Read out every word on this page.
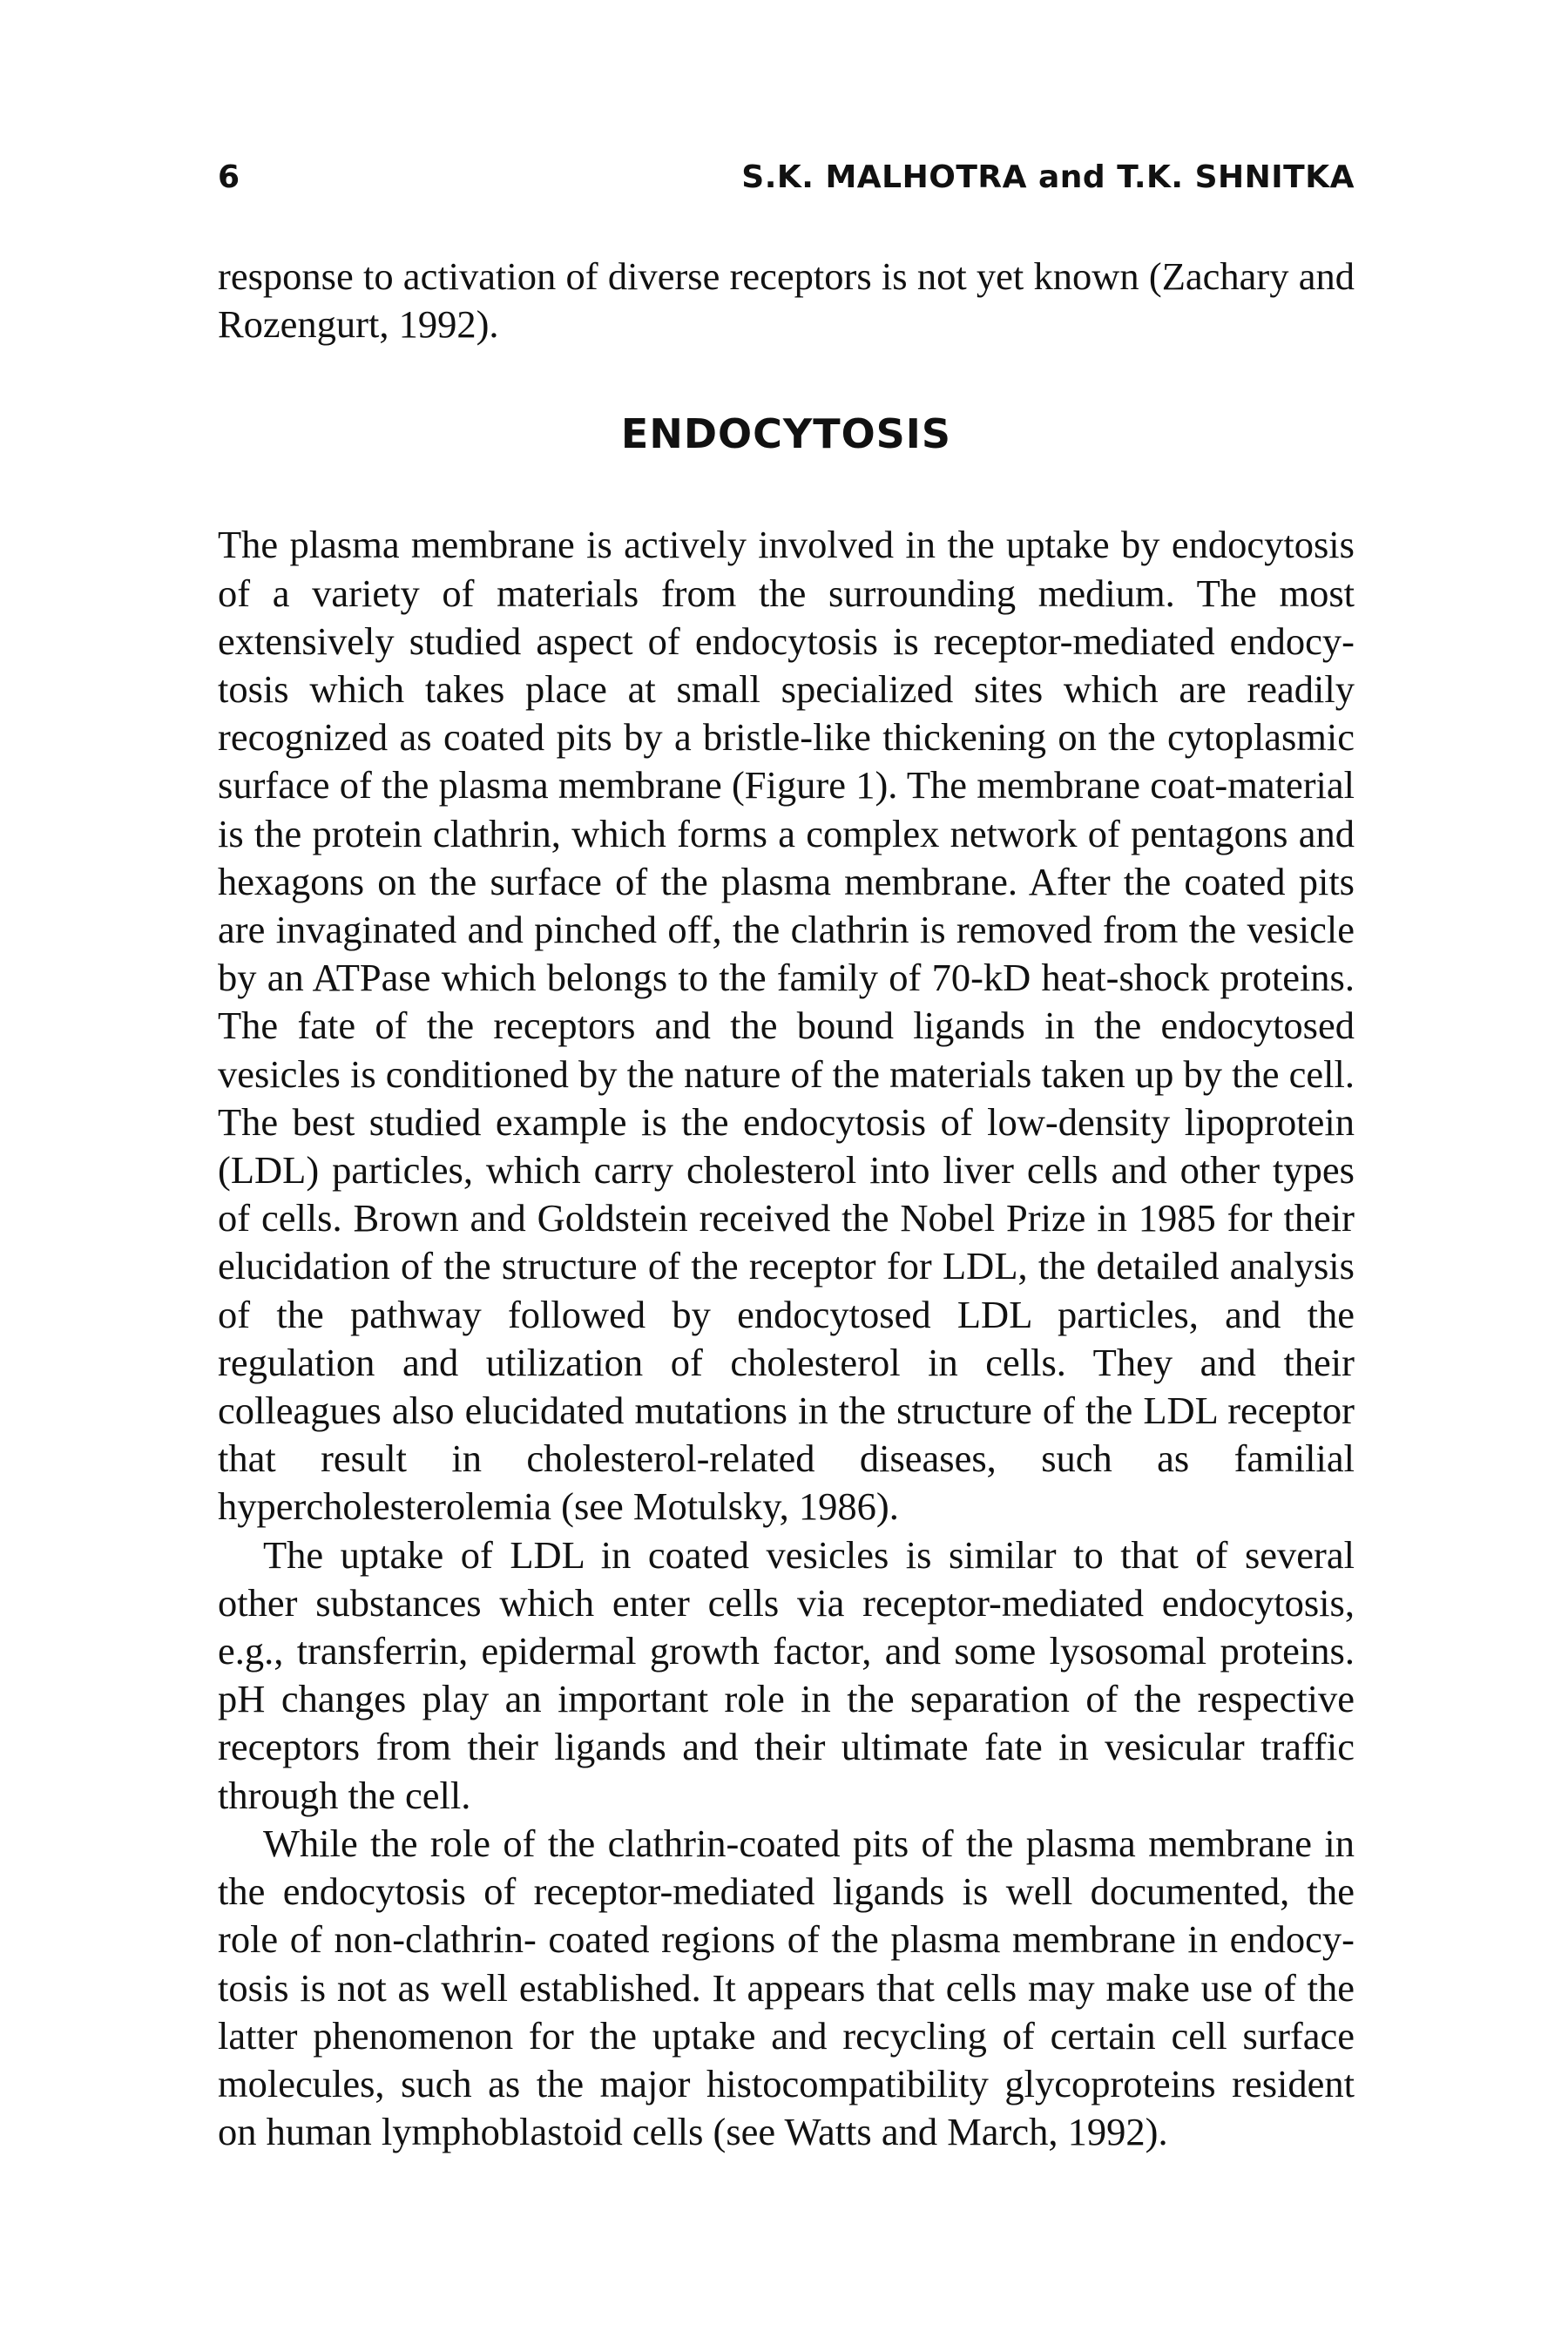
6	S.K. MALHOTRA and T.K. SHNITKA

response to activation of diverse receptors is not yet known (Zachary and Rozengurt, 1992).

ENDOCYTOSIS

The plasma membrane is actively involved in the uptake by endocytosis of a variety of materials from the surrounding medium. The most extensively studied aspect of endocytosis is receptor-mediated endocytosis which takes place at small specialized sites which are readily recognized as coated pits by a bristle-like thickening on the cytoplasmic surface of the plasma membrane (Figure 1). The membrane coat-material is the protein clathrin, which forms a complex network of pentagons and hexagons on the surface of the plasma membrane. After the coated pits are invaginated and pinched off, the clathrin is removed from the vesicle by an ATPase which belongs to the family of 70-kD heat-shock proteins. The fate of the receptors and the bound ligands in the endocytosed vesicles is conditioned by the nature of the materials taken up by the cell. The best studied example is the endocytosis of low-density lipoprotein (LDL) particles, which carry cholesterol into liver cells and other types of cells. Brown and Goldstein received the Nobel Prize in 1985 for their elucidation of the structure of the receptor for LDL, the detailed analysis of the pathway followed by endocytosed LDL particles, and the regulation and utilization of cholesterol in cells. They and their colleagues also elucidated mutations in the structure of the LDL receptor that result in cholesterol-related diseases, such as familial hypercholesterolemia (see Motulsky, 1986).

The uptake of LDL in coated vesicles is similar to that of several other substances which enter cells via receptor-mediated endocytosis, e.g., transferrin, epidermal growth factor, and some lysosomal proteins. pH changes play an important role in the separation of the respective receptors from their ligands and their ultimate fate in vesicular traffic through the cell.

While the role of the clathrin-coated pits of the plasma membrane in the endocytosis of receptor-mediated ligands is well documented, the role of non-clathrin- coated regions of the plasma membrane in endocytosis is not as well established. It appears that cells may make use of the latter phenomenon for the uptake and recycling of certain cell surface molecules, such as the major histocompatibility glycoproteins resident on human lymphoblastoid cells (see Watts and March, 1992).
